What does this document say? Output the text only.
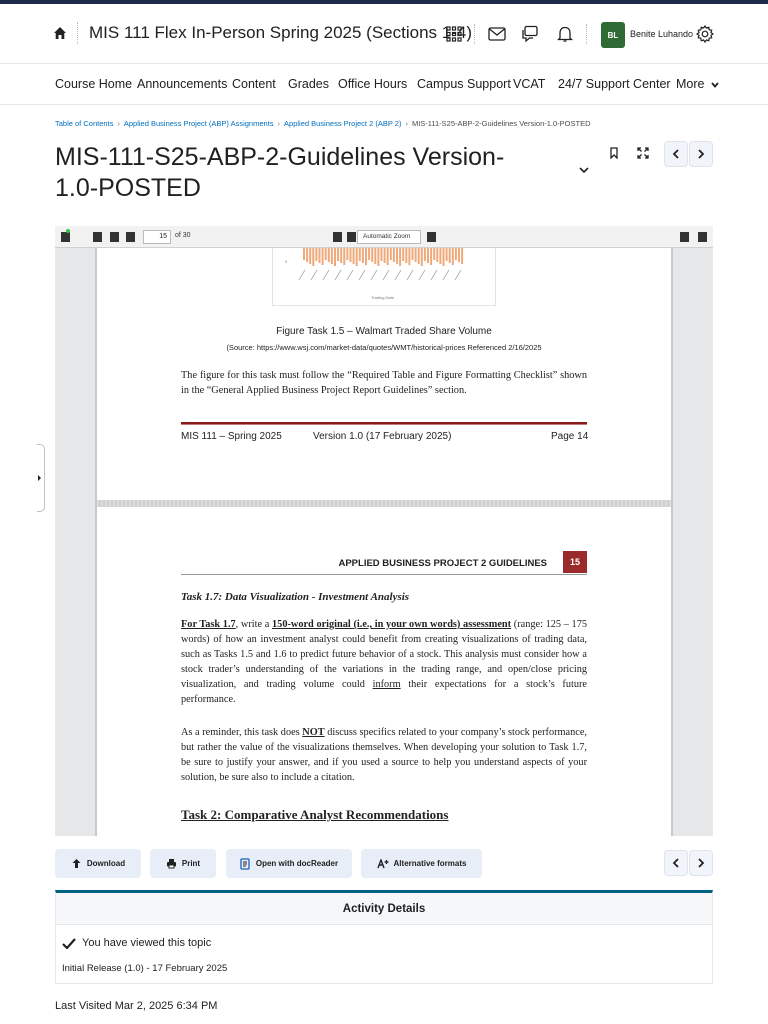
MIS 111 Flex In-Person Spring 2025 (Sections 1-4)	BL	Benite Luhando
Course Home Announcements Content Grades Office Hours Campus Support VCAT 24/7 Support Center More
Table of Contents › Applied Business Project (ABP) Assignments › Applied Business Project 2 (ABP 2) › MIS-111-S25-ABP-2-Guidelines Version-1.0-POSTED
MIS-111-S25-ABP-2-Guidelines Version-1.0-POSTED
15	of 30	Automatic Zoom
0
Trading Date
Figure Task 1.5 – Walmart Traded Share Volume
(Source: https://www.wsj.com/market-data/quotes/WMT/historical-prices Referenced 2/16/2025
The figure for this task must follow the “Required Table and Figure Formatting Checklist” shown in the “General Applied Business Project Report Guidelines” section.
MIS 111 – Spring 2025	Version 1.0 (17 February 2025)	Page 14
APPLIED BUSINESS PROJECT 2 GUIDELINES	15
Task 1.7: Data Visualization - Investment Analysis
For Task 1.7, write a 150-word original (i.e., in your own words) assessment (range: 125 – 175 words) of how an investment analyst could benefit from creating visualizations of trading data, such as Tasks 1.5 and 1.6 to predict future behavior of a stock. This analysis must consider how a stock trader’s understanding of the variations in the trading range, and open/close pricing visualization, and trading volume could inform their expectations for a stock’s future performance.
As a reminder, this task does NOT discuss specifics related to your company’s stock performance, but rather the value of the visualizations themselves. When developing your solution to Task 1.7, be sure to justify your answer, and if you used a source to help you understand aspects of your solution, be sure also to include a citation.
Task 2: Comparative Analyst Recommendations
Download	Print	Open with docReader	Alternative formats
Activity Details
You have viewed this topic
Initial Release (1.0) - 17 February 2025
Last Visited Mar 2, 2025 6:34 PM
